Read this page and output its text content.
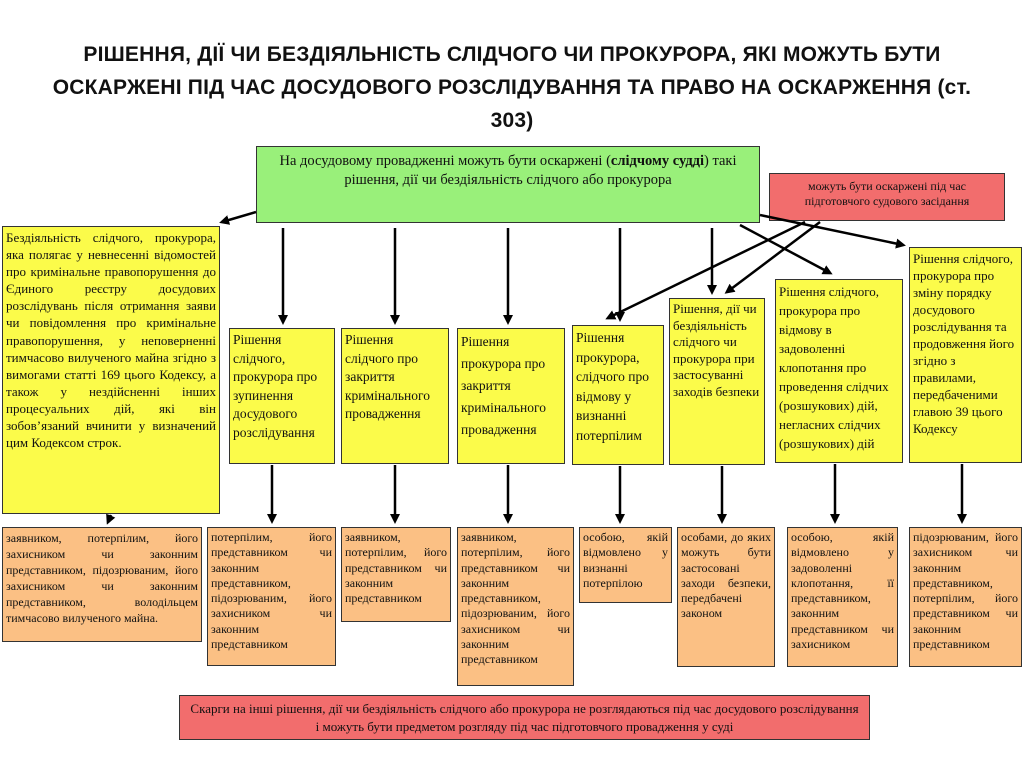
РІШЕННЯ, ДІЇ ЧИ БЕЗДІЯЛЬНІСТЬ СЛІДЧОГО ЧИ ПРОКУРОРА, ЯКІ МОЖУТЬ БУТИ ОСКАРЖЕНІ ПІД ЧАС ДОСУДОВОГО РОЗСЛІДУВАННЯ ТА ПРАВО НА ОСКАРЖЕННЯ (ст. 303)
На досудовому провадженні можуть бути оскаржені (слідчому судді) такі рішення, дії чи бездіяльність слідчого або прокурора	можуть бути оскаржені під час підготовчого судового засідання
Бездіяльність слідчого, прокурора, яка полягає у невнесенні відомостей про кримінальне правопорушення до Єдиного реєстру досудових розслідувань після отримання заяви чи повідомлення про кримінальне правопорушення, у неповерненні тимчасово вилученого майна згідно з вимогами статті 169 цього Кодексу, а також у нездійсненні інших процесуальних дій, які він зобов’язаний вчинити у визначений цим Кодексом строк.
Рішення слідчого, прокурора про зупинення досудового розслідування
Рішення слідчого про закриття кримінального провадження
Рішення прокурора про закриття кримінального провадження
Рішення прокурора, слідчого про відмову у визнанні потерпілим
Рішення, дії чи бездіяльність слідчого чи прокурора при застосуванні заходів безпеки
Рішення слідчого, прокурора про відмову в задоволенні клопотання про проведення слідчих (розшукових) дій, негласних слідчих (розшукових) дій
Рішення слідчого, прокурора про зміну порядку досудового розслідування та продовження його згідно з правилами, передбаченими главою 39 цього Кодексу
заявником, потерпілим, його захисником чи законним представником, підозрюваним, його захисником чи законним представником, володільцем тимчасово вилученого майна.
потерпілим, його представником чи законним представником, підозрюваним, його захисником чи законним представником
заявником, потерпілим, його представником чи законним представником
заявником, потерпілим, його представником чи законним представником, підозрюваним, його захисником чи законним представником
особою, якій відмовлено у визнанні потерпілою
особами, до яких можуть бути застосовані заходи безпеки, передбачені законом
особою, якій відмовлено у задоволенні клопотання, її представником, законним представником чи захисником
підозрюваним, його захисником чи законним представником, потерпілим, його представником чи законним представником
Скарги на інші рішення, дії чи бездіяльність слідчого або прокурора не розглядаються під час досудового розслідування і можуть бути предметом розгляду під час підготовчого провадження у суді
